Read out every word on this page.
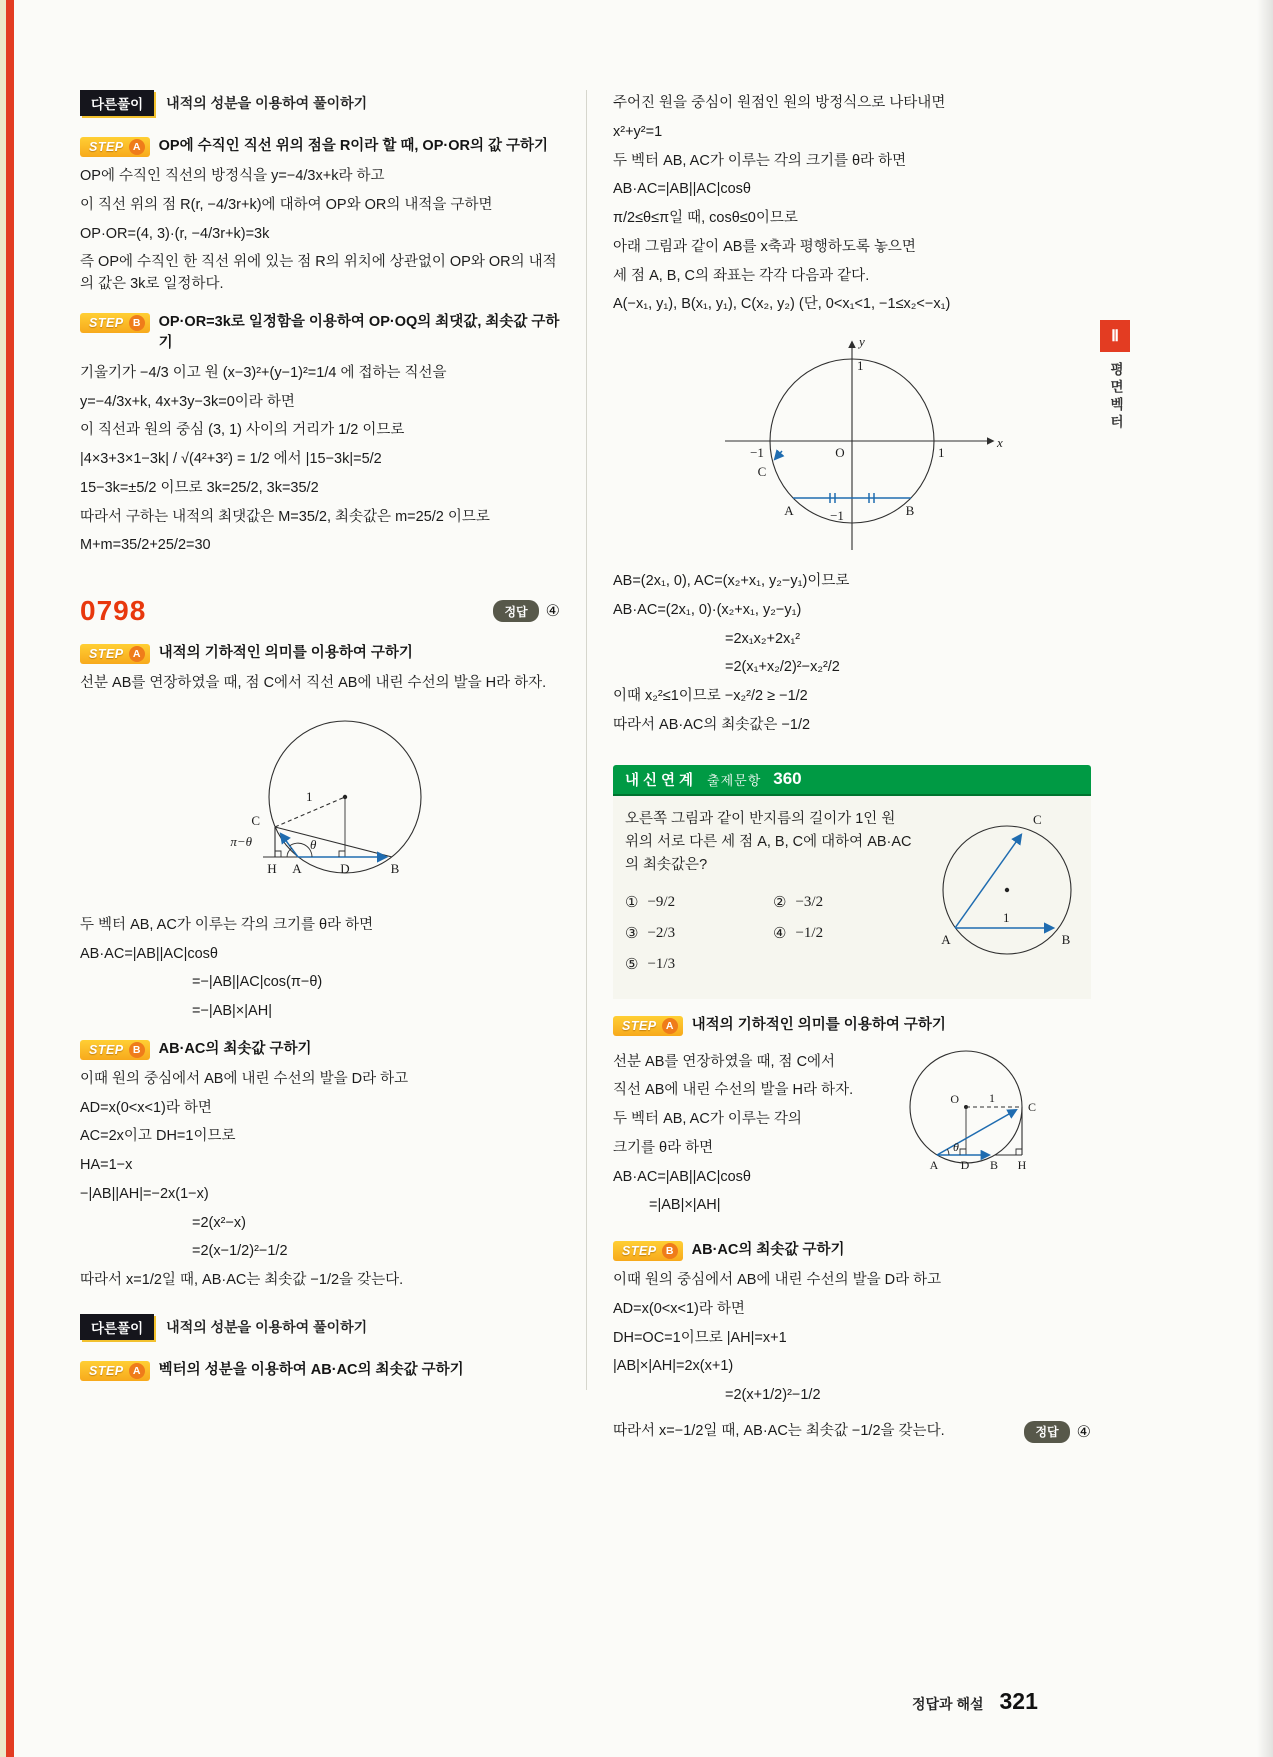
다른풀이	내적의 성분을 이용하여 풀이하기
STEP A OP에 수직인 직선 위의 점을 R이라 할 때, OP·OR의 값 구하기
OP에 수직인 직선의 방정식을 y=−4/3x+k라 하고
이 직선 위의 점 R(r, −4/3r+k)에 대하여 OP와 OR의 내적을 구하면
OP·OR=(4, 3)·(r, −4/3r+k)=3k
즉 OP에 수직인 한 직선 위에 있는 점 R의 위치에 상관없이 OP와 OR의 내적의 값은 3k로 일정하다.
STEP B OP·OR=3k로 일정함을 이용하여 OP·OQ의 최댓값, 최솟값 구하기
기울기가 −4/3 이고 원 (x−3)²+(y−1)²=1/4 에 접하는 직선을
y=−4/3x+k, 4x+3y−3k=0이라 하면
이 직선과 원의 중심 (3, 1) 사이의 거리가 1/2 이므로
|4×3+3×1−3k| / √(4²+3²) = 1/2 에서 |15−3k|=5/2
15−3k=±5/2 이므로 3k=25/2, 3k=35/2
따라서 구하는 내적의 최댓값은 M=35/2, 최솟값은 m=25/2 이므로
M+m=35/2+25/2=30
0798	정답	④
STEP A 내적의 기하적인 의미를 이용하여 구하기
선분 AB를 연장하였을 때, 점 C에서 직선 AB에 내린 수선의 발을 H라 하자.
1
C
π−θ	θ
H A	D	B
두 벡터 AB, AC가 이루는 각의 크기를 θ라 하면
AB·AC=|AB||AC|cosθ
=−|AB||AC|cos(π−θ)
=−|AB|×|AH|
STEP B AB·AC의 최솟값 구하기
이때 원의 중심에서 AB에 내린 수선의 발을 D라 하고
AD=x(0<x<1)라 하면
AC=2x이고 DH=1이므로
HA=1−x
−|AB||AH|=−2x(1−x)
=2(x²−x)
=2(x−1/2)²−1/2
따라서 x=1/2일 때, AB·AC는 최솟값 −1/2을 갖는다.
다른풀이	내적의 성분을 이용하여 풀이하기
STEP A 벡터의 성분을 이용하여 AB·AC의 최솟값 구하기
주어진 원을 중심이 원점인 원의 방정식으로 나타내면
x²+y²=1
두 벡터 AB, AC가 이루는 각의 크기를 θ라 하면
AB·AC=|AB||AC|cosθ
π/2≤θ≤π일 때, cosθ≤0이므로
아래 그림과 같이 AB를 x축과 평행하도록 놓으면
세 점 A, B, C의 좌표는 각각 다음과 같다.
A(−x₁, y₁), B(x₁, y₁), C(x₂, y₂) (단, 0<x₁<1, −1≤x₂<−x₁)
y
x
1
−1	1
O
−1
C
A	B
AB=(2x₁, 0), AC=(x₂+x₁, y₂−y₁)이므로
AB·AC=(2x₁, 0)·(x₂+x₁, y₂−y₁)
=2x₁x₂+2x₁²
=2(x₁+x₂/2)²−x₂²/2
이때 x₂²≤1이므로 −x₂²/2 ≥ −1/2
따라서 AB·AC의 최솟값은 −1/2
내신연계 출제문항 360
오른쪽 그림과 같이 반지름의 길이가 1인 원 위의 서로 다른 세 점 A, B, C에 대하여 AB·AC의 최솟값은?
① −9/2	② −3/2
③ −2/3	④ −1/2
⑤ −1/3
C
A	B
1
STEP A 내적의 기하적인 의미를 이용하여 구하기
선분 AB를 연장하였을 때, 점 C에서
직선 AB에 내린 수선의 발을 H라 하자.
두 벡터 AB, AC가 이루는 각의
크기를 θ라 하면
AB·AC=|AB||AC|cosθ
=|AB|×|AH|
O	1
C
θ
A D B H
STEP B AB·AC의 최솟값 구하기
이때 원의 중심에서 AB에 내린 수선의 발을 D라 하고
AD=x(0<x<1)라 하면
DH=OC=1이므로 |AH|=x+1
|AB|×|AH|=2x(x+1)
=2(x+1/2)²−1/2
따라서 x=−1/2일 때, AB·AC는 최솟값 −1/2을 갖는다.	정답	④
Ⅱ
평면벡터
정답과 해설 321
